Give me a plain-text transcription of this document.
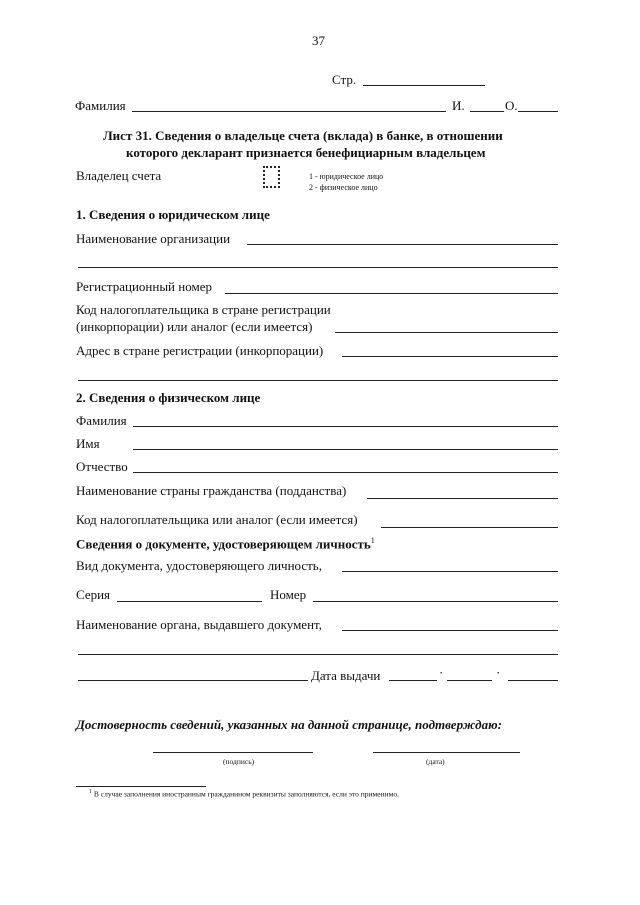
37
Стр.
Фамилия	И.	О.
Лист 31. Сведения о владельце счета (вклада) в банке, в отношении
которого декларант признается бенефициарным владельцем
Владелец счета	1 - юридическое лицо
2 - физическое лицо
1. Сведения о юридическом лице
Наименование организации
Регистрационный номер
Код налогоплательщика в стране регистрации
(инкорпорации) или аналог (если имеется)
Адрес в стране регистрации (инкорпорации)
2. Сведения о физическом лице
Фамилия
Имя
Отчество
Наименование страны гражданства (подданства)
Код налогоплательщика или аналог (если имеется)
Сведения о документе, удостоверяющем личность$^1$
Вид документа, удостоверяющего личность,
Серия	Номер
Наименование органа, выдавшего документ,
Дата выдачи	·	·
Достоверность сведений, указанных на данной странице, подтверждаю:
(подпись)	(дата)
$^1$ В случае заполнения иностранным гражданином реквизиты заполняются, если это применимо.
